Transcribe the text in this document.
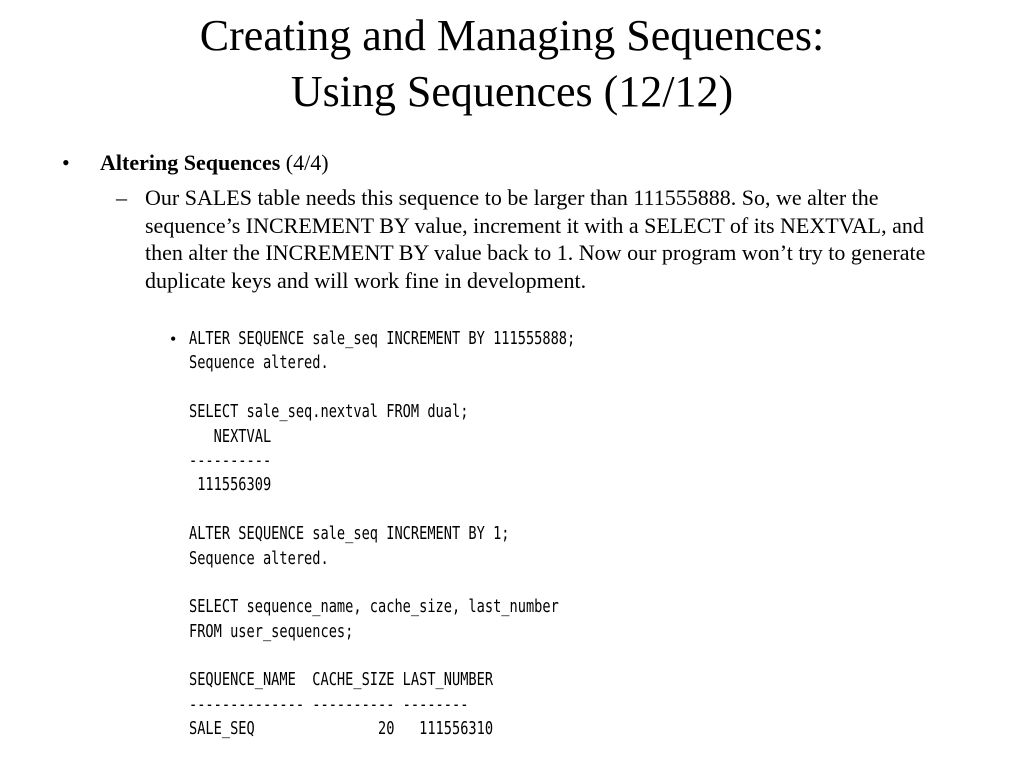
Creating and Managing Sequences:
Using Sequences (12/12)
• Altering Sequences (4/4)
– Our SALES table needs this sequence to be larger than 111555888. So, we alter the sequence’s INCREMENT BY value, increment it with a SELECT of its NEXTVAL, and then alter the INCREMENT BY value back to 1. Now our program won’t try to generate duplicate keys and will work fine in development.
• ALTER SEQUENCE sale_seq INCREMENT BY 111555888;
Sequence altered.
SELECT sale_seq.nextval FROM dual;
NEXTVAL
----------
111556309
ALTER SEQUENCE sale_seq INCREMENT BY 1;
Sequence altered.
SELECT sequence_name, cache_size, last_number
FROM user_sequences;
SEQUENCE_NAME  CACHE_SIZE LAST_NUMBER
-------------- ---------- --------
SALE_SEQ               20   111556310
